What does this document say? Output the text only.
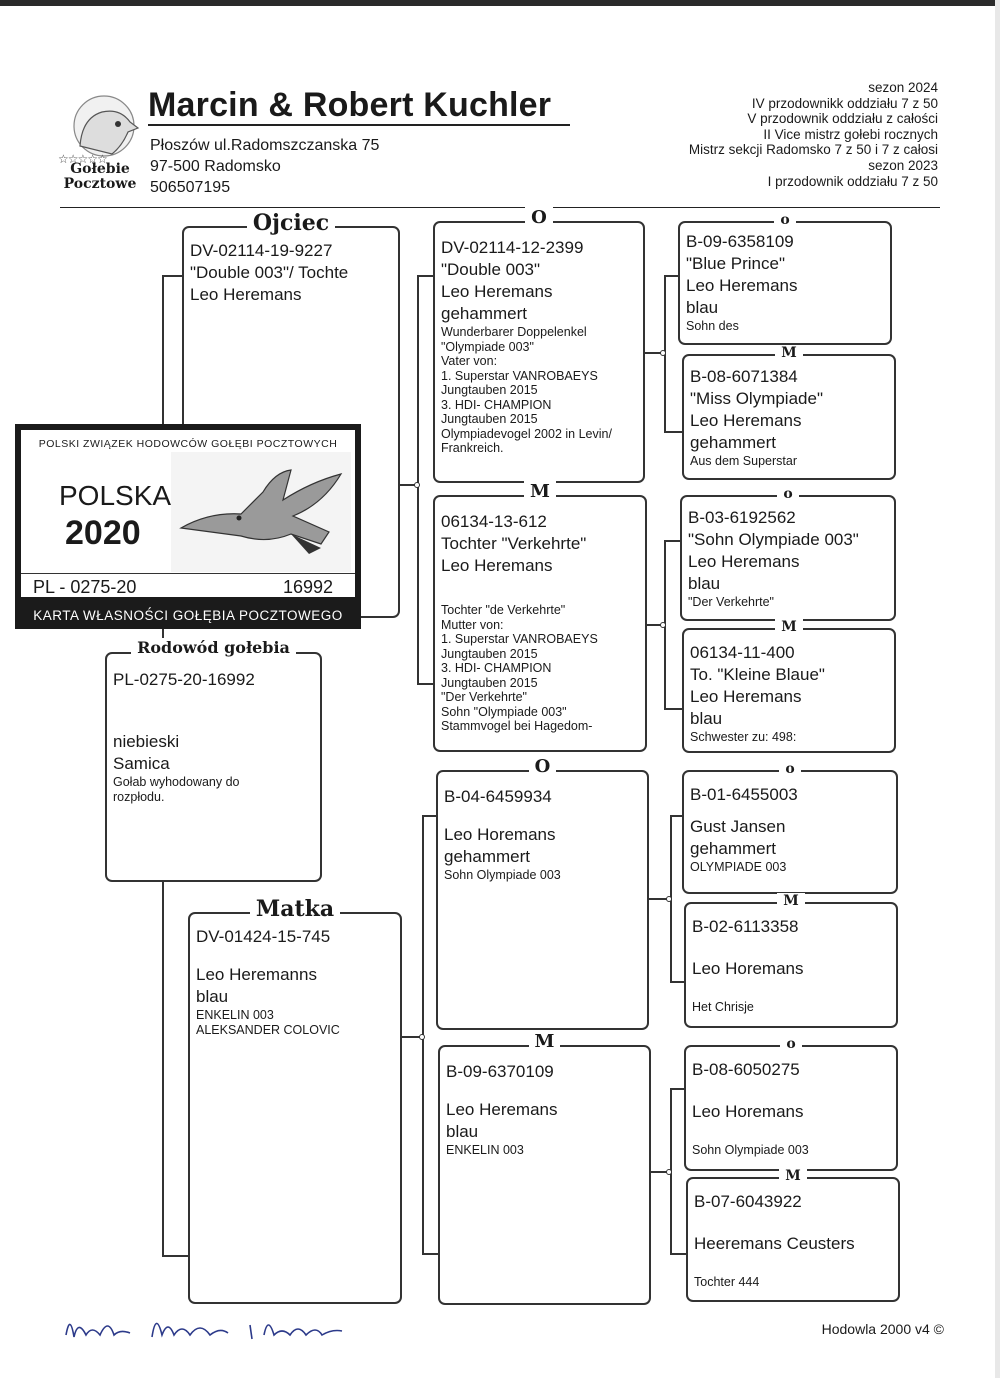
☆☆☆☆☆
Gołebie
Pocztowe
Marcin & Robert Kuchler
Płoszów ul.Radomszczanska 75
97-500 Radomsko
506507195
sezon 2024
IV przodownikk oddziału 7 z 50
V przodownik oddziału z całości
II Vice mistrz gołebi rocznych
Mistrz sekcji Radomsko 7 z 50 i 7 z całosi
sezon 2023
I przodownik oddziału 7 z 50
Ojciec
DV-02114-19-9227
"Double 003"/ Tochte
Leo Heremans
Rodowód gołebia
PL-0275-20-16992
niebieski
Samica
Gołab wyhodowany do
rozpłodu.
Matka
DV-01424-15-745
Leo Heremanns
blau
ENKELIN 003
ALEKSANDER COLOVIC
O
DV-02114-12-2399
"Double 003"
Leo Heremans
gehammert
Wunderbarer Doppelenkel
"Olympiade 003"
Vater von:
1. Superstar VANROBAEYS
Jungtauben 2015
3. HDI- CHAMPION
Jungtauben 2015
Olympiadevogel 2002 in Levin/
Frankreich.
M
06134-13-612
Tochter "Verkehrte"
Leo Heremans
Tochter "de Verkehrte"
Mutter von:
1. Superstar VANROBAEYS
Jungtauben 2015
3. HDI- CHAMPION
Jungtauben 2015
"Der Verkehrte"
Sohn "Olympiade 003"
Stammvogel bei Hagedom-
O
B-04-6459934
Leo Horemans
gehammert
Sohn Olympiade 003
M
B-09-6370109
Leo Heremans
blau
ENKELIN 003
o
B-09-6358109
"Blue Prince"
Leo Heremans
blau
Sohn des
M
B-08-6071384
"Miss Olympiade"
Leo Heremans
gehammert
Aus dem Superstar
o
B-03-6192562
"Sohn Olympiade 003"
Leo Heremans
blau
"Der Verkehrte"
M
06134-11-400
To. "Kleine Blaue"
Leo Heremans
blau
Schwester zu: 498:
o
B-01-6455003
Gust Jansen
gehammert
OLYMPIADE 003
M
B-02-6113358
Leo Horemans
Het Chrisje
o
B-08-6050275
Leo Horemans
Sohn Olympiade 003
M
B-07-6043922
Heeremans Ceusters
Tochter 444
POLSKI ZWIĄZEK HODOWCÓW GOŁĘBI POCZTOWYCH
POLSKA
2020
PL - 0275-20	16992
KARTA WŁASNOŚCI GOŁĘBIA POCZTOWEGO
Hodowla 2000 v4 ©
